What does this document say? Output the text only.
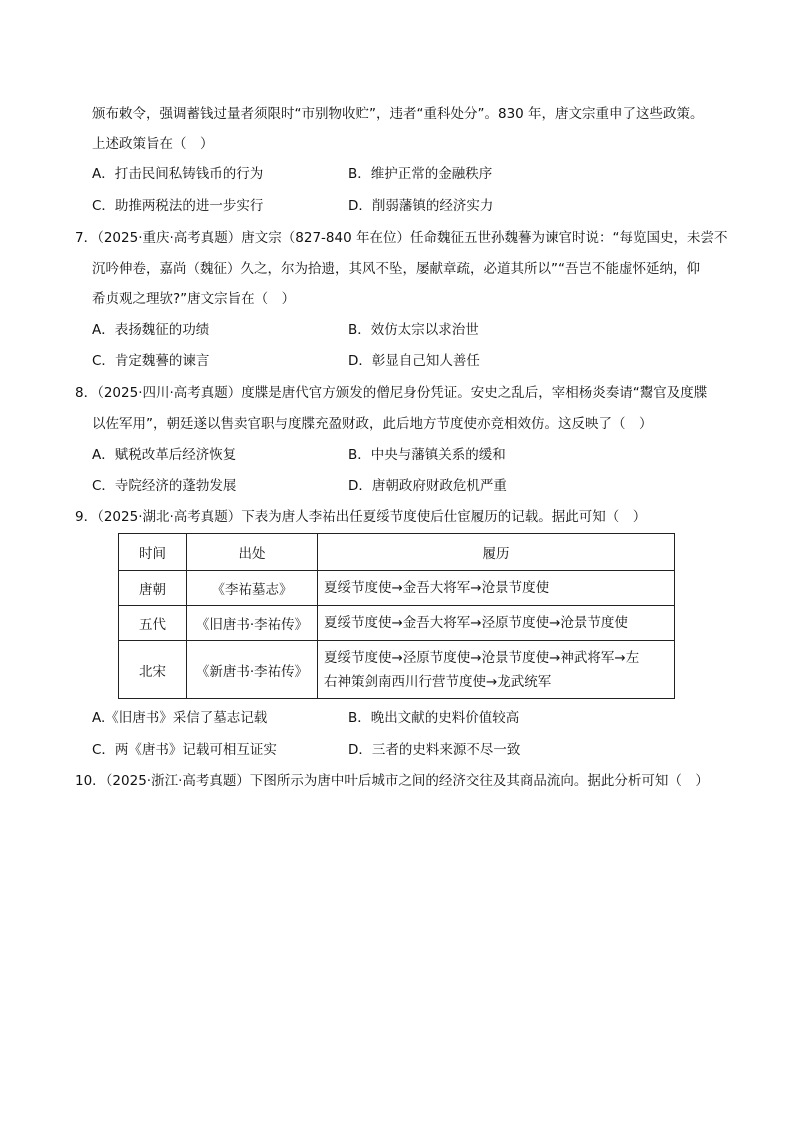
颁布敕令，强调蓄钱过量者须限时“市别物收贮”，违者“重科处分”。830 年，唐文宗重申了这些政策。
上述政策旨在（　）
A．打击民间私铸钱币的行为	B．维护正常的金融秩序
C．助推两税法的进一步实行	D．削弱藩镇的经济实力
7．（2025·重庆·高考真题）唐文宗（827-840 年在位）任命魏征五世孙魏謩为谏官时说：“每览国史，未尝不
沉吟伸卷，嘉尚（魏征）久之，尔为拾遗，其风不坠，屡献章疏，必道其所以”“吾岂不能虚怀延纳，仰
希贞观之理欤?”唐文宗旨在（　）
A．表扬魏征的功绩	B．效仿太宗以求治世
C．肯定魏謩的谏言	D．彰显自己知人善任
8．（2025·四川·高考真题）度牒是唐代官方颁发的僧尼身份凭证。安史之乱后，宰相杨炎奏请“鬻官及度牒
以佐军用”，朝廷遂以售卖官职与度牒充盈财政，此后地方节度使亦竞相效仿。这反映了（　）
A．赋税改革后经济恢复	B．中央与藩镇关系的缓和
C．寺院经济的蓬勃发展	D．唐朝政府财政危机严重
9．（2025·湖北·高考真题）下表为唐人李祐出任夏绥节度使后仕宦履历的记载。据此可知（　）
时间	出处	履历
唐朝	《李祐墓志》	夏绥节度使→金吾大将军→沧景节度使
五代	《旧唐书·李祐传》	夏绥节度使→金吾大将军→泾原节度使→沧景节度使
北宋	《新唐书·李祐传》	夏绥节度使→泾原节度使→沧景节度使→神武将军→左
右神策剑南西川行营节度使→龙武统军
A.《旧唐书》采信了墓志记载	B．晚出文献的史料价值较高
C．两《唐书》记载可相互证实	D．三者的史料来源不尽一致
10．（2025·浙江·高考真题）下图所示为唐中叶后城市之间的经济交往及其商品流向。据此分析可知（　）
